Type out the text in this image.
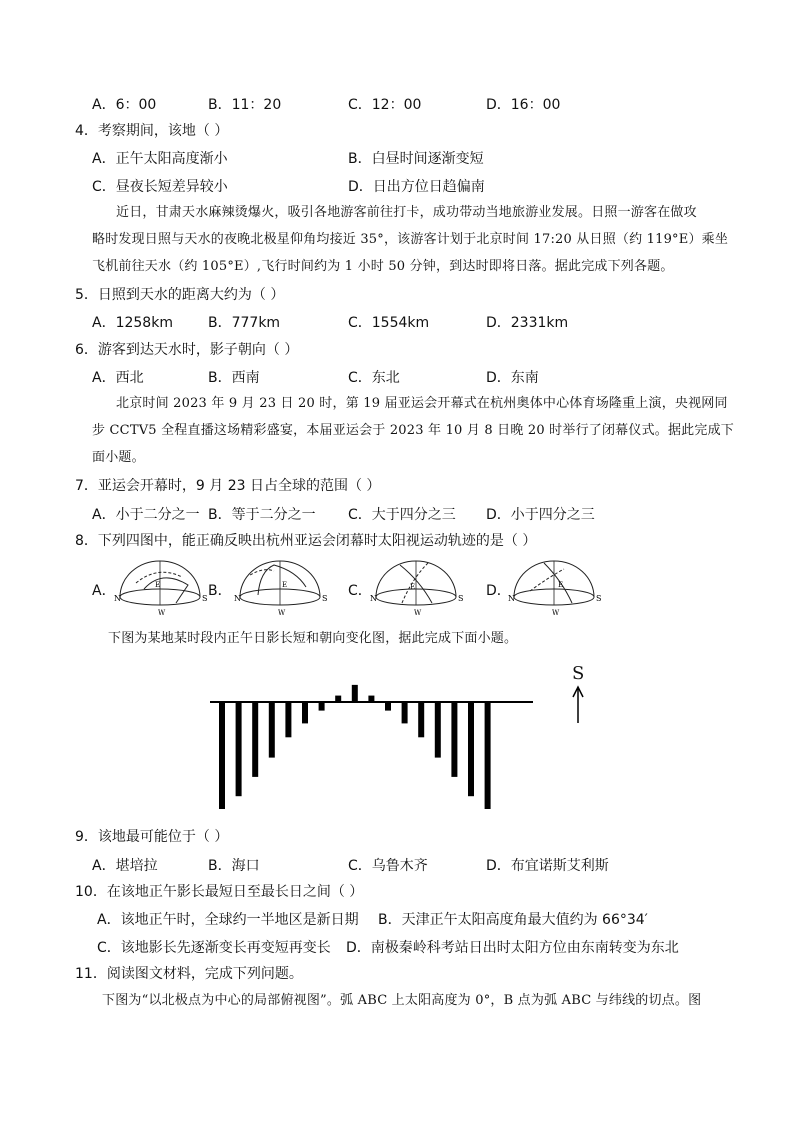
A．6：00	B．11：20	C．12：00	D．16：00
4．考察期间，该地（ ）
A．正午太阳高度渐小	B．白昼时间逐渐变短
C．昼夜长短差异较小	D．日出方位日趋偏南
近日，甘肃天水麻辣烫爆火，吸引各地游客前往打卡，成功带动当地旅游业发展。日照一游客在做攻
略时发现日照与天水的夜晚北极星仰角均接近 35°，该游客计划于北京时间 17:20 从日照（约 119°E）乘坐
飞机前往天水（约 105°E）,飞行时间约为 1 小时 50 分钟，到达时即将日落。据此完成下列各题。
5．日照到天水的距离大约为（ ）
A．1258km	B．777km	C．1554km	D．2331km
6．游客到达天水时，影子朝向（ ）
A．西北	B．西南	C．东北	D．东南
北京时间 2023 年 9 月 23 日 20 时，第 19 届亚运会开幕式在杭州奥体中心体育场隆重上演，央视网同
步 CCTV5 全程直播这场精彩盛宴，本届亚运会于 2023 年 10 月 8 日晚 20 时举行了闭幕仪式。据此完成下
面小题。
7．亚运会开幕时，9 月 23 日占全球的范围（ ）
A．小于二分之一 B．等于二分之一 C．大于四分之三 D．小于四分之三
8．下列四图中，能正确反映出杭州亚运会闭幕时太阳视运动轨迹的是（ ）
A．	B．	C．	D．
N	S
E
W
N	S
E
W
N	S
E
W
N	S
E
W
下图为某地某时段内正午日影长短和朝向变化图，据此完成下面小题。
S
9．该地最可能位于（ ）
A．堪培拉	B．海口	C．乌鲁木齐	D．布宜诺斯艾利斯
10．在该地正午影长最短日至最长日之间（ ）
A．该地正午时，全球约一半地区是新日期 B．天津正午太阳高度角最大值约为 66°34′
C．该地影长先逐渐变长再变短再变长 D．南极秦岭科考站日出时太阳方位由东南转变为东北
11．阅读图文材料，完成下列问题。
下图为“以北极点为中心的局部俯视图”。弧 ABC 上太阳高度为 0°，B 点为弧 ABC 与纬线的切点。图
